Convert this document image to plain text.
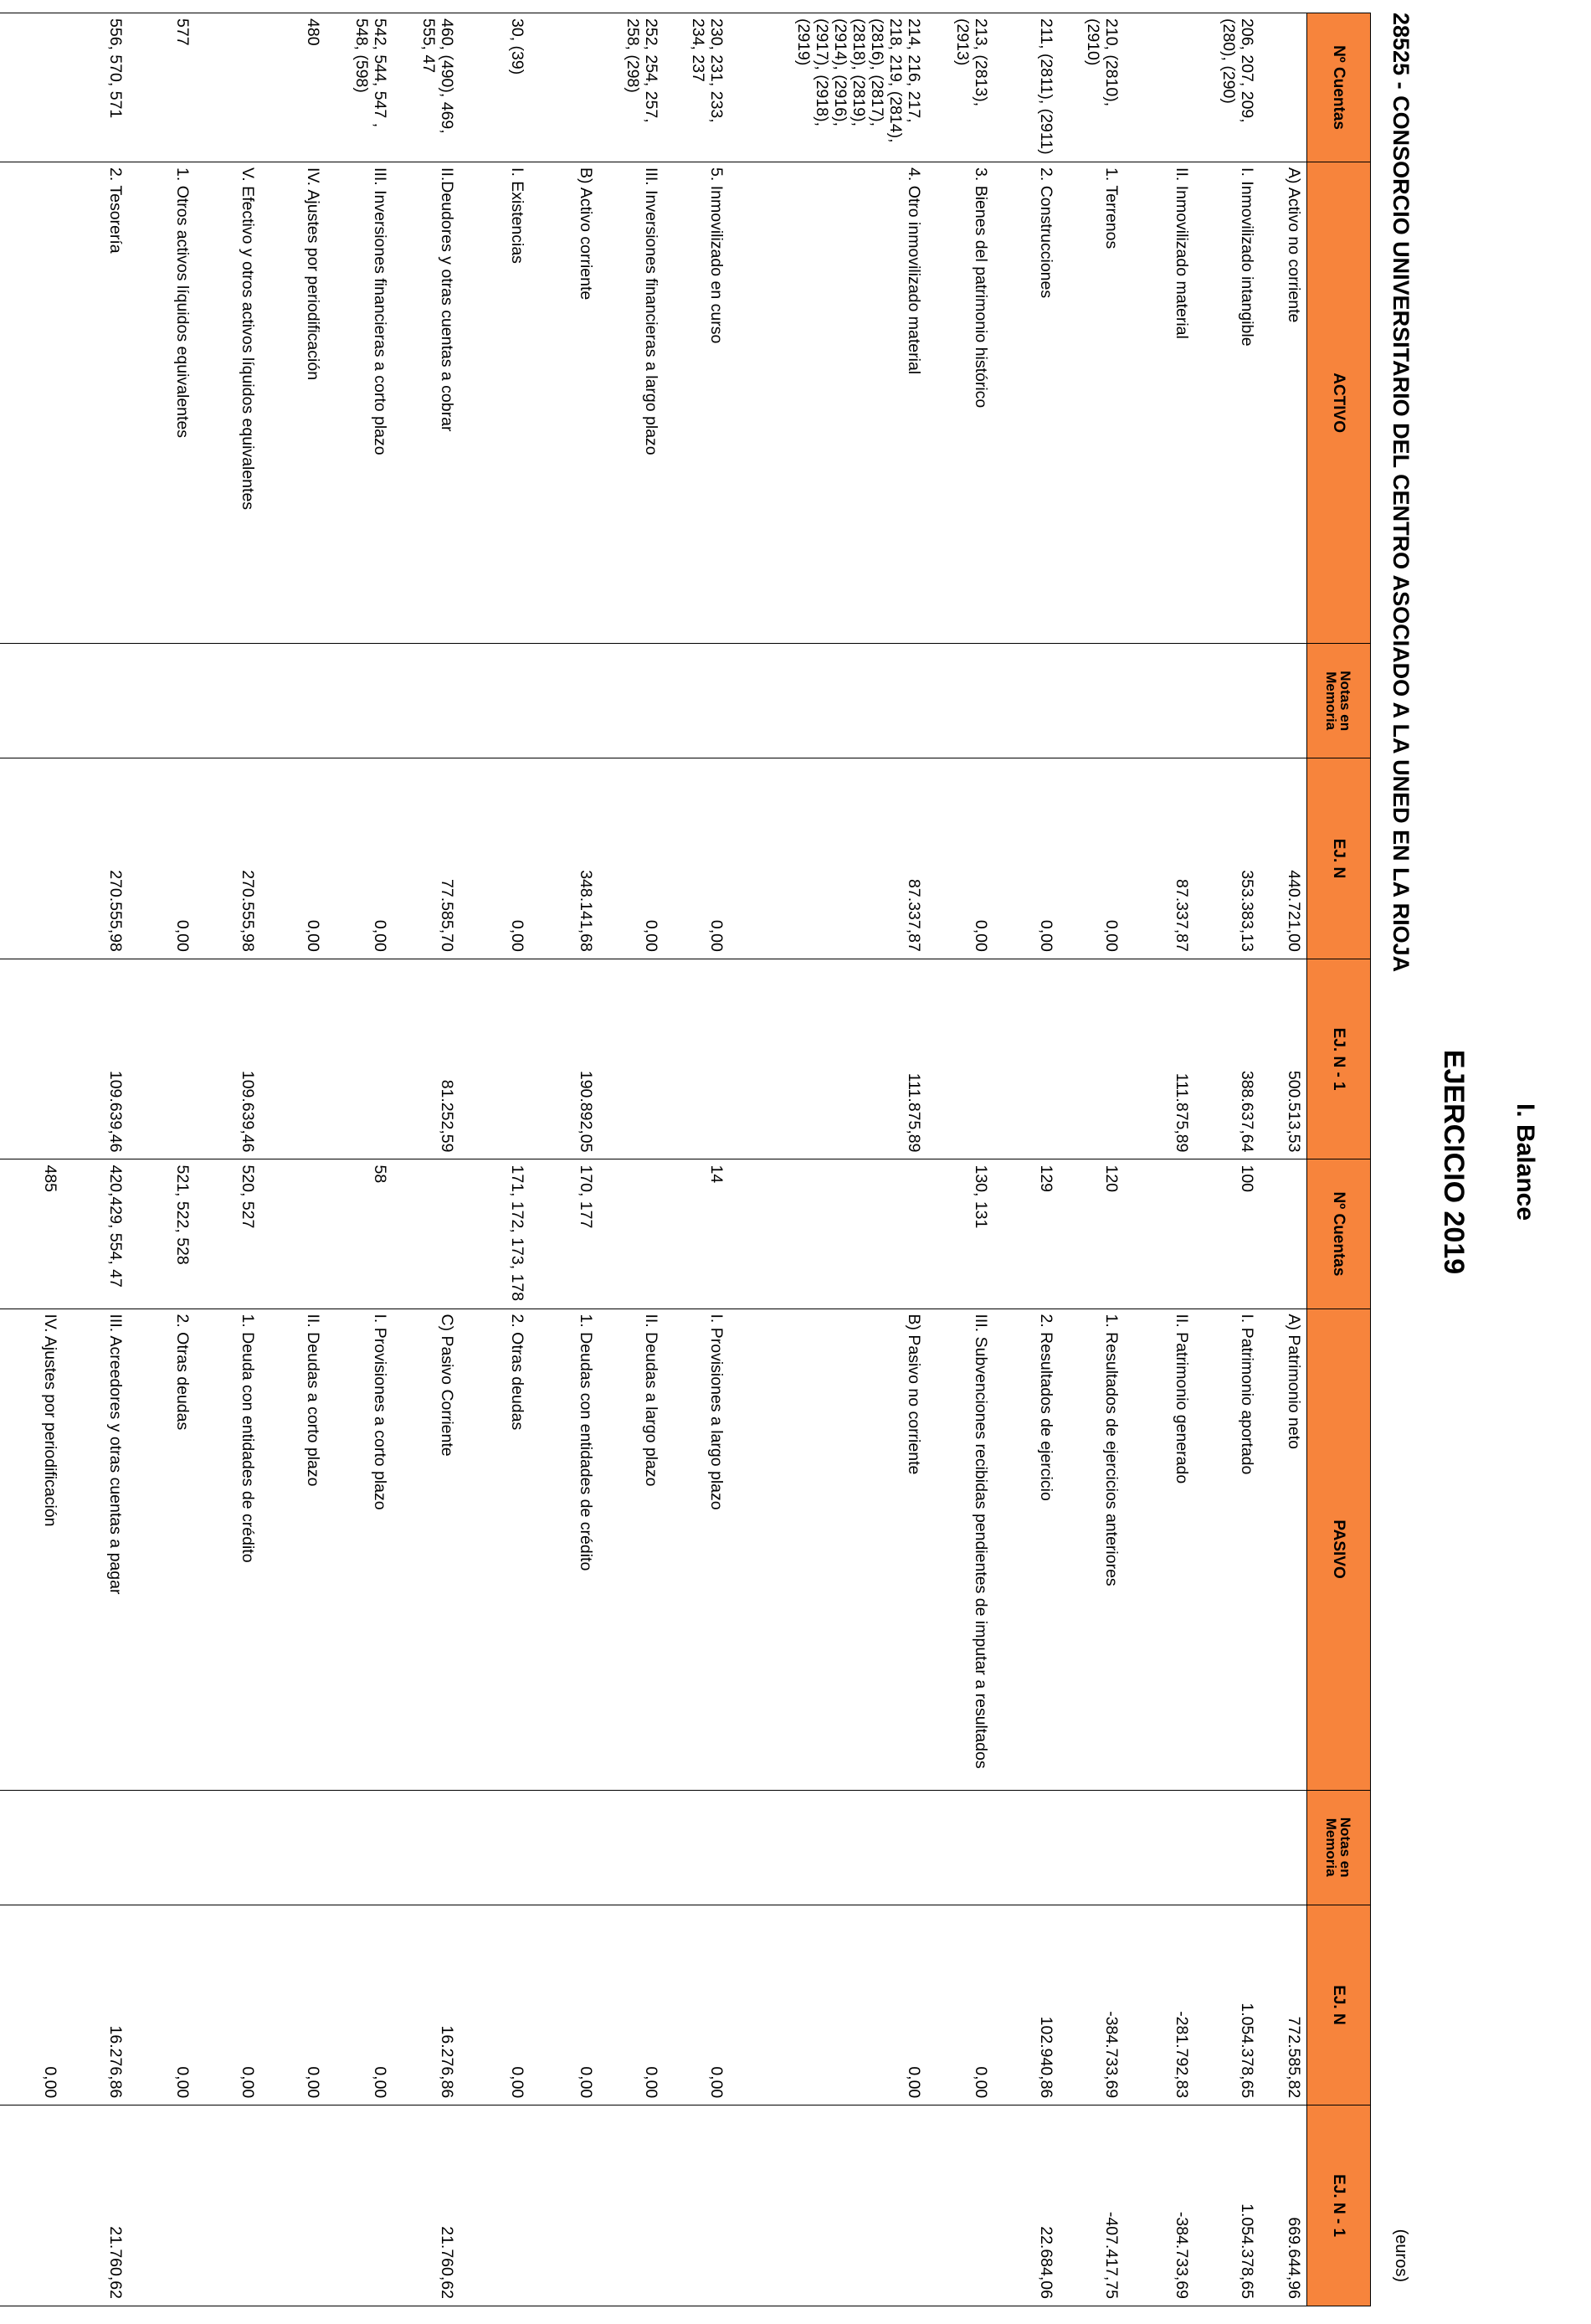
I. Balance
EJERCICIO 2019
28525 - CONSORCIO UNIVERSITARIO DEL CENTRO ASOCIADO A LA UNED EN LA RIOJA
(euros)
Nº Cuentas	ACTIVO	Notas en Memoria	EJ. N	EJ. N - 1	Nº Cuentas	PASIVO	Notas en Memoria	EJ. N	EJ. N - 1
	A) Activo no corriente		440.721,00	500.513,53		A) Patrimonio neto		772.585,82	669.644,96
206, 207, 209, (280), (290)	I. Inmovilizado intangible		353.383,13	388.637,64	100	I. Patrimonio aportado		1.054.378,65	1.054.378,65
	II. Inmovilizado material		87.337,87	111.875,89		II. Patrimonio generado		-281.792,83	-384.733,69
210, (2810), (2910)	1. Terrenos		0,00		120	1. Resultados de ejercicios anteriores		-384.733,69	-407.417,75
211, (2811), (2911)	2. Construcciones		0,00		129	2. Resultados de ejercicio		102.940,86	22.684,06
213, (2813), (2913)	3. Bienes del patrimonio histórico		0,00		130, 131	III. Subvenciones recibidas pendientes de imputar a resultados		0,00	
214, 216, 217, 218, 219, (2814), (2816), (2817), (2818), (2819), (2914), (2916), (2917), (2918), (2919)	4. Otro inmovilizado material		87.337,87	111.875,89		B) Pasivo no corriente		0,00	
230, 231, 233, 234, 237	5. Inmovilizado en curso		0,00		14	I. Provisiones a largo plazo		0,00	
252, 254, 257, 258, (298)	III. Inversiones financieras a largo plazo		0,00			II. Deudas a largo plazo		0,00	
	B) Activo corriente		348.141,68	190.892,05	170, 177	1. Deudas con entidades de crédito		0,00	
30, (39)	I. Existencias		0,00		171, 172, 173, 178	2. Otras deudas		0,00	
460, (490), 469, 555, 47	II.Deudores y otras cuentas a cobrar		77.585,70	81.252,59		C) Pasivo Corriente		16.276,86	21.760,62
542, 544, 547 , 548, (598)	III. Inversiones financieras a corto plazo		0,00		58	I. Provisiones a corto plazo		0,00	
480	IV. Ajustes por periodificación		0,00			II. Deudas a corto plazo		0,00	
	V. Efectivo y otros activos líquidos equivalentes		270.555,98	109.639,46	520, 527	1. Deuda con entidades de crédito		0,00	
577	1. Otros activos líquidos equivalentes		0,00		521, 522, 528	2. Otras deudas		0,00	
556, 570, 571	2. Tesorería		270.555,98	109.639,46	420,429, 554, 47	III. Acreedores y otras cuentas a pagar		16.276,86	21.760,62
					485	IV. Ajustes por periodificación		0,00	
